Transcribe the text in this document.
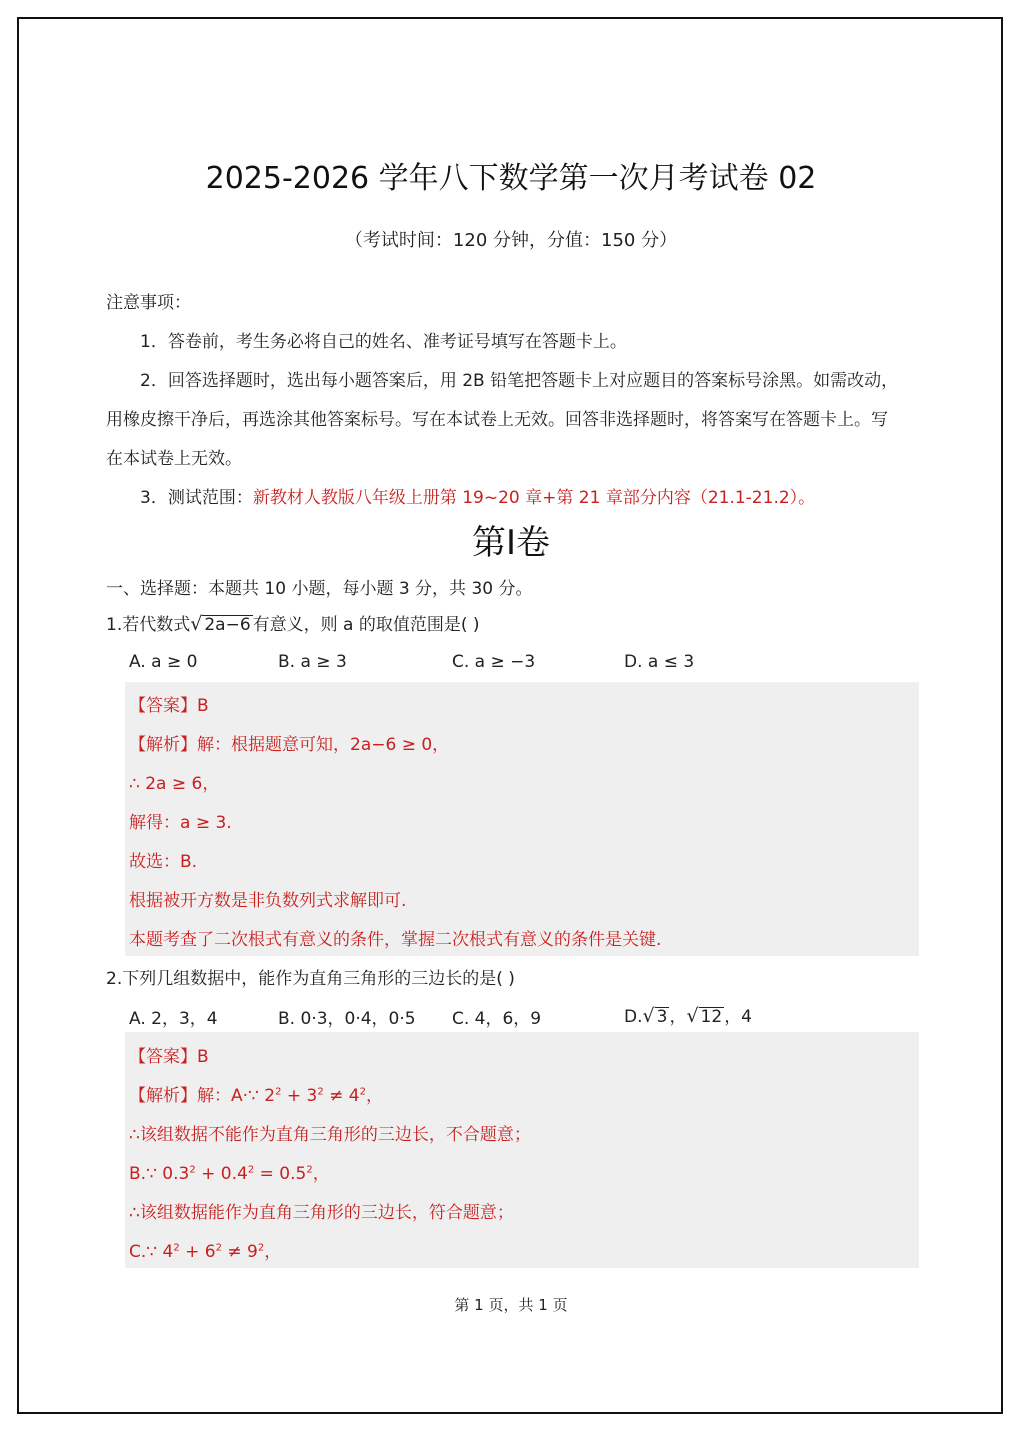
2025-2026 学年八下数学第一次月考试卷 02
（考试时间：120 分钟，分值：150 分）
注意事项：
1．答卷前，考生务必将自己的姓名、准考证号填写在答题卡上。
2．回答选择题时，选出每小题答案后，用 2B 铅笔把答题卡上对应题目的答案标号涂黑。如需改动，
用橡皮擦干净后，再选涂其他答案标号。写在本试卷上无效。回答非选择题时，将答案写在答题卡上。写
在本试卷上无效。
3．测试范围：新教材人教版八年级上册第 19~20 章+第 21 章部分内容（21.1-21.2）。
第I卷
一、选择题：本题共 10 小题，每小题 3 分，共 30 分。
1.若代数式√ 2a−6 有意义，则 a 的取值范围是( )
A. a ≥ 0	B. a ≥ 3	C. a ≥ −3	D. a ≤ 3
【答案】B
【解析】解：根据题意可知，2a−6 ≥ 0，
∴ 2a ≥ 6，
解得：a ≥ 3.
故选：B.
根据被开方数是非负数列式求解即可.
本题考查了二次根式有意义的条件，掌握二次根式有意义的条件是关键.
2.下列几组数据中，能作为直角三角形的三边长的是( )
A. 2，3，4	B. 0·3，0·4，0·5 C. 4，6，9	D.√ 3 ，√ 12 ，4
【答案】B
【解析】解：A·∵ $2^2 + 3^2 \ne 4^2$，
∴该组数据不能作为直角三角形的三边长，不合题意；
B.∵ $0.3^2 + 0.4^2 = 0.5^2$，
∴该组数据能作为直角三角形的三边长，符合题意；
C.∵ $4^2 + 6^2 \ne 9^2$，
第 1 页，共 1 页
